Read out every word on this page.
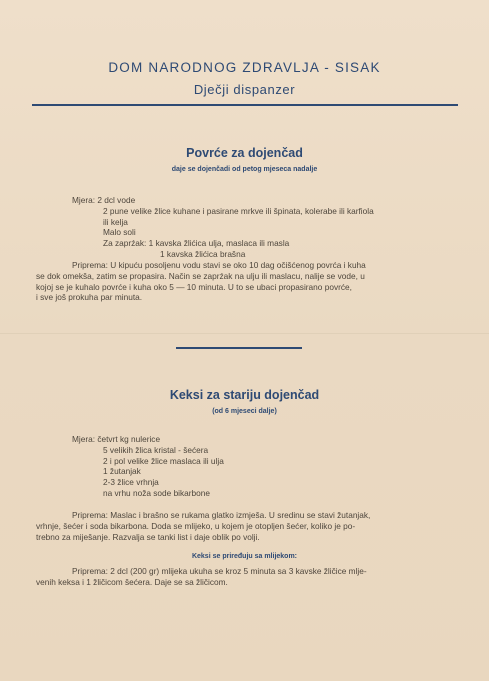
DOM NARODNOG ZDRAVLJA - SISAK
Dječji dispanzer
Povrće za dojenčad
daje se dojenčadi od petog mjeseca nadalje
Mjera: 2 dcl vode
2 pune velike žlice kuhane i pasirane mrkve ili špinata, kolerabe ili karfiola
ili kelja
Malo soli
Za zaprźak: 1 kavska žlićica ulja, maslaca ili masla
1 kavska žlićica brašna
Priprema: U kipuću posoljenu vodu stavi se oko 10 dag očišćenog povrća i kuha
se dok omekša, zatim se propasira. Način se zaprźak na ulju ili maslacu, nalije se vode, u
kojoj se je kuhalo povrće i kuha oko 5 — 10 minuta. U to se ubaci propasirano povrće,
i sve još prokuha par minuta.
Keksi za stariju dojenčad
(od 6 mjeseci dalje)
Mjera: četvrt kg nulerice
5 velikih žlica kristal - šećera
2 i pol velike žlice maslaca ili ulja
1 žutanjak
2-3 žlice vrhnja
na vrhu noža sode bikarbone
Priprema: Maslac i brašno se rukama glatko izmješa. U sredinu se stavi žutanjak,
vrhnje, šećer i soda bikarbona. Doda se mlijeko, u kojem je otopljen šećer, koliko je po-
trebno za miješanje. Razvalja se tanki list i daje oblik po volji.
Keksi se priređuju sa mlijekom:
Priprema: 2 dcl (200 gr) mlijeka ukuha se kroz 5 minuta sa 3 kavske žličice mlje-
venih keksa i 1 žličicom šećera. Daje se sa žličicom.
